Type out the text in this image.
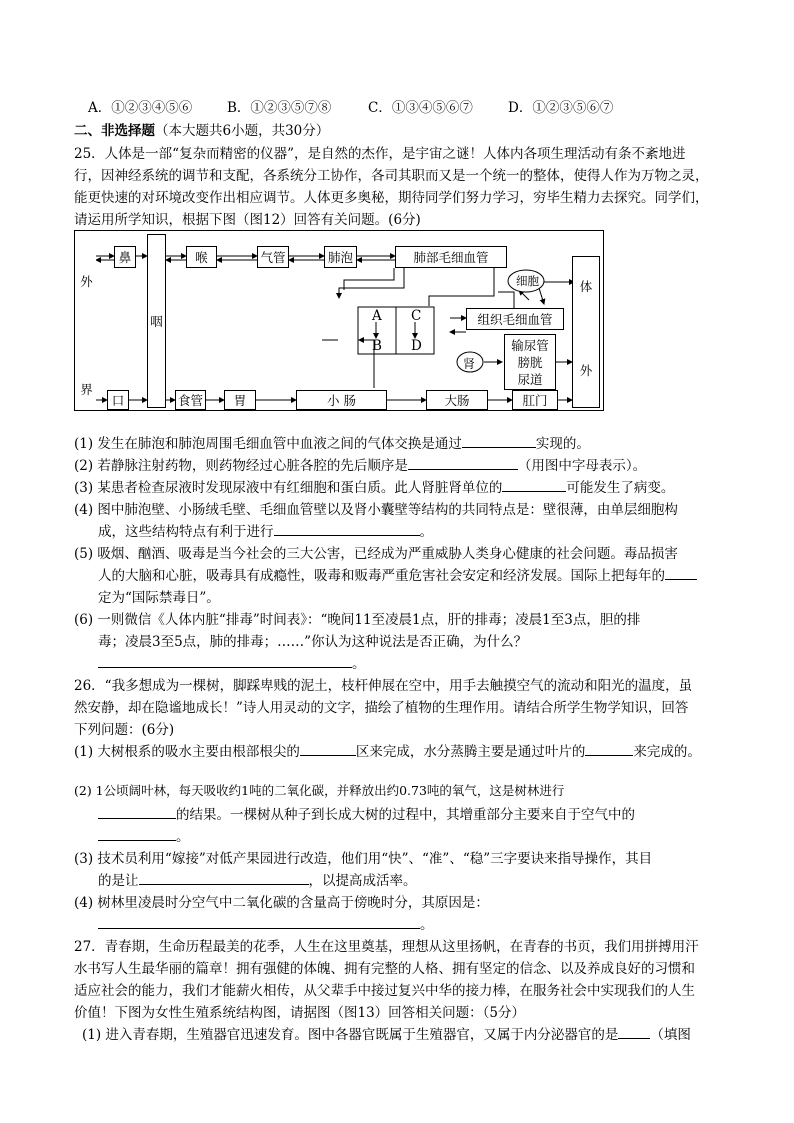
A．①②③④⑤⑥	B．①②③⑤⑦⑧	C．①③④⑤⑥⑦	D．①②③⑤⑥⑦
二、非选择题（本大题共6小题，共30分）
25．人体是一部“复杂而精密的仪器”，是自然的杰作，是宇宙之谜！人体内各项生理活动有条不紊地进
行，因神经系统的调节和支配，各系统分工协作，各司其职而又是一个统一的整体，使得人作为万物之灵，
能更快速的对环境改变作出相应调节。人体更多奥秘，期待同学们努力学习，穷毕生精力去探究。同学们，
请运用所学知识，根据下图（图12）回答有关问题。(6分)
外
界
鼻
咽
喉	气管	肺泡	肺部毛细血管
细胞
组织毛细血管
A
B
C
D
肾
输尿管
膀胱
尿道
体
外
口	食管	胃	小 肠	大肠	肛门
(1) 发生在肺泡和肺泡周围毛细血管中血液之间的气体交换是通过	实现的。
(2) 若静脉注射药物，则药物经过心脏各腔的先后顺序是	（用图中字母表示）。
(3) 某患者检查尿液时发现尿液中有红细胞和蛋白质。此人肾脏肾单位的	可能发生了病变。
(4) 图中肺泡壁、小肠绒毛壁、毛细血管壁以及肾小囊壁等结构的共同特点是：壁很薄，由单层细胞构
成，这些结构特点有利于进行	。
(5) 吸烟、酗酒、吸毒是当今社会的三大公害，已经成为严重威胁人类身心健康的社会问题。毒品损害
人的大脑和心脏，吸毒具有成瘾性，吸毒和贩毒严重危害社会安定和经济发展。国际上把每年的
定为“国际禁毒日”。
(6) 一则微信《人体内脏“排毒”时间表》：“晚间11至凌晨1点，肝的排毒；凌晨1至3点，胆的排
毒；凌晨3至5点，肺的排毒；……”你认为这种说法是否正确，为什么？
。
26．“我多想成为一棵树，脚踩卑贱的泥土，枝杆伸展在空中，用手去触摸空气的流动和阳光的温度，虽
然安静，却在隐谧地成长！”诗人用灵动的文字，描绘了植物的生理作用。请结合所学生物学知识，回答
下列问题：(6分)
(1) 大树根系的吸水主要由根部根尖的	区来完成，水分蒸腾主要是通过叶片的	来完成的。
(2) 1公顷阔叶林，每天吸收约1吨的二氧化碳，并释放出约0.73吨的氧气，这是树林进行
的结果。一棵树从种子到长成大树的过程中，其增重部分主要来自于空气中的
。
(3) 技术员利用“嫁接”对低产果园进行改造，他们用“快”、“准”、“稳”三字要诀来指导操作，其目
的是让	，以提高成活率。
(4) 树林里凌晨时分空气中二氧化碳的含量高于傍晚时分，其原因是：
。
27．青春期，生命历程最美的花季，人生在这里奠基，理想从这里扬帆，在青春的书页，我们用拼搏用汗
水书写人生最华丽的篇章！拥有强健的体魄、拥有完整的人格、拥有坚定的信念、以及养成良好的习惯和
适应社会的能力，我们才能薪火相传，从父辈手中接过复兴中华的接力棒，在服务社会中实现我们的人生
价值！下图为女性生殖系统结构图，请据图（图13）回答相关问题：（5分）
(1) 进入青春期，生殖器官迅速发育。图中各器官既属于生殖器官，又属于内分泌器官的是 （填图
